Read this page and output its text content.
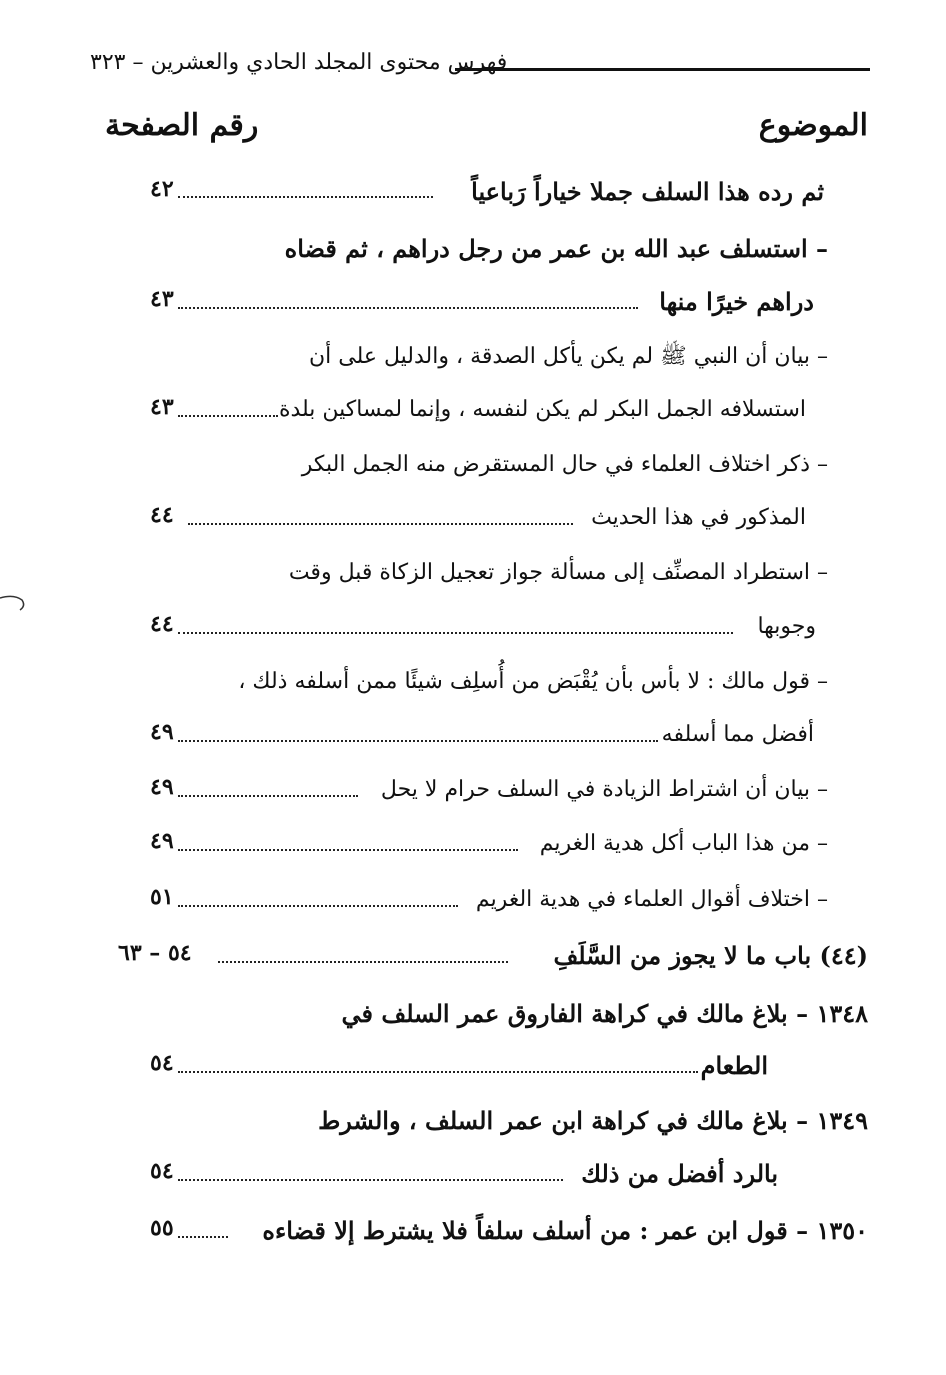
فهرس محتوى المجلد الحادي والعشرين – ٣٢٣
الموضوع
رقم الصفحة
ثم رده هذا السلف جملا خياراً رَباعياً
٤٢
– استسلف عبد الله بن عمر من رجل دراهم ، ثم قضاه
دراهم خيرًا منها
٤٣
– بيان أن النبي ﷺ لم يكن يأكل الصدقة ، والدليل على أن
استسلافه الجمل البكر لم يكن لنفسه ، وإنما لمساكين بلدة
٤٣
– ذكر اختلاف العلماء في حال المستقرض منه الجمل البكر
المذكور في هذا الحديث
٤٤
– استطراد المصنِّف إلى مسألة جواز تعجيل الزكاة قبل وقت
وجوبها
٤٤
– قول مالك : لا بأس بأن يُقْبَض من أُسلِف شيئًا ممن أسلفه ذلك ،
أفضل مما أسلفه
٤٩
– بيان أن اشتراط الزيادة في السلف حرام لا يحل
٤٩
– من هذا الباب أكل هدية الغريم
٤٩
– اختلاف أقوال العلماء في هدية الغريم
٥١
(٤٤) باب ما لا يجوز من السَّلَفِ
٥٤ – ٦٣
١٣٤٨ – بلاغ مالك في كراهة الفاروق عمر السلف في
الطعام
٥٤
١٣٤٩ – بلاغ مالك في كراهة ابن عمر السلف ، والشرط
بالرد أفضل من ذلك
٥٤
١٣٥٠ – قول ابن عمر : من أسلف سلفاً فلا يشترط إلا قضاءه
٥٥
